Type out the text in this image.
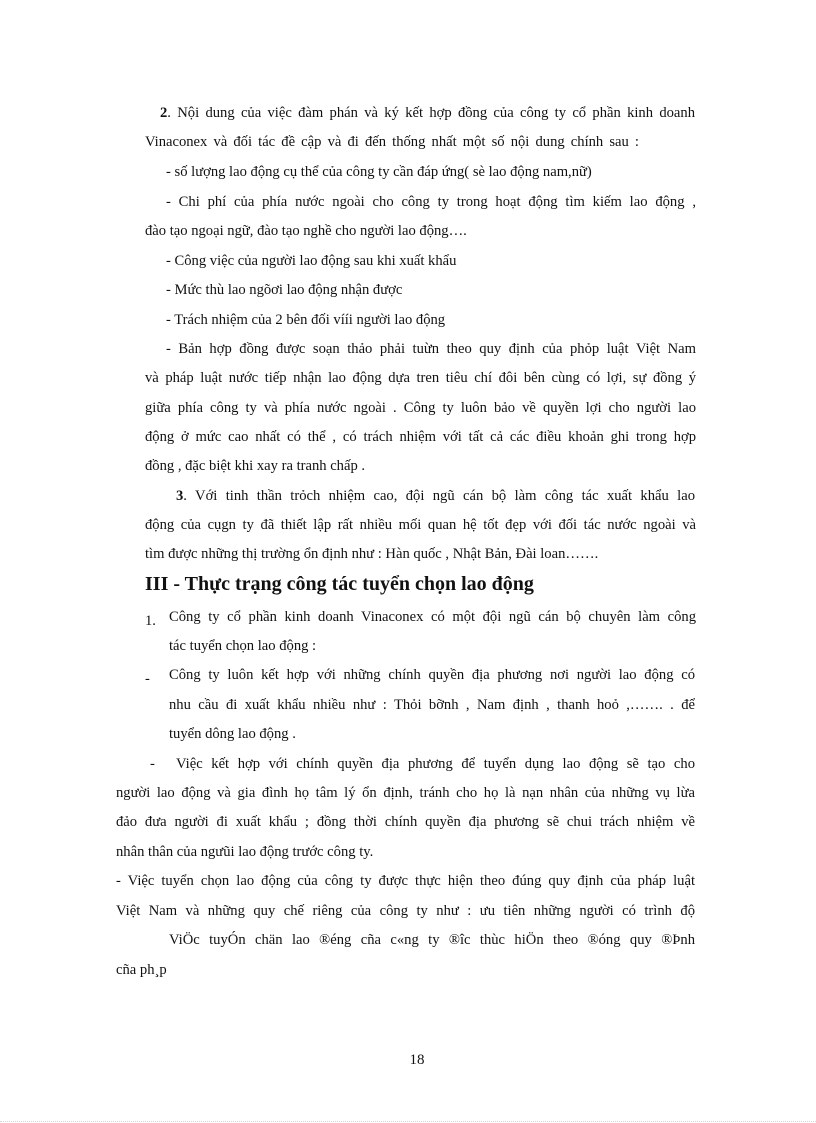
2. Nội dung của việc đàm phán và ký kết hợp đồng của công ty cổ phần kinh doanh
Vinaconex và đối tác đề cập và đi đến thống nhất một số nội dung chính sau :
- số lượng lao động cụ thể của công ty cần đáp ứng( sè lao động nam,nữ)
- Chi phí của phía nước ngoài cho công ty trong hoạt động tìm kiếm lao động ,
đào tạo ngoại ngữ, đào tạo nghề cho người lao động….
- Công việc của người lao động sau khi xuất khẩu
- Mức thù lao ngõơi lao động nhận được
- Trách nhiệm của 2 bên đối vííi người lao động
- Bản hợp đồng được soạn thảo phải tuừn theo quy định của phỏp luật Việt Nam
và pháp luật nước tiếp nhận lao động dựa tren tiêu chí đôi bên cùng có lợi, sự đồng ý
giữa phía công ty và phía nước ngoài . Công ty luôn bảo về quyền lợi cho người lao
động ở mức cao nhất có thể , có trách nhiệm với tất cả các điều khoản ghi trong hợp
đồng , đặc biệt khi xay ra tranh chấp .
3. Với tinh thần trỏch nhiệm cao, đội ngũ cán bộ làm công tác xuất khẩu lao
động của cụgn ty đã thiết lập rất nhiều mối quan hệ tốt đẹp với đối tác nước ngoài và
tìm được những thị trường ổn định như : Hàn quốc , Nhật Bản, Đài loan…….
III - Thực trạng công tác tuyển chọn lao động
1. Công ty cổ phần kinh doanh Vinaconex có một đội ngũ cán bộ chuyên làm công
tác tuyển chọn lao động :
- Công ty luôn kết hợp với những chính quyền địa phương nơi người lao động có
nhu cầu đi xuất khẩu nhiều như : Thỏi bỡnh , Nam định , thanh hoỏ ,……. . để
tuyển dông lao động .
- Việc kết hợp với chính quyền địa phương để tuyển dụng lao động sẽ tạo cho
người lao động và gia đình họ tâm lý ổn định, tránh cho họ là nạn nhân của những vụ lừa
đảo đưa người đi xuất khẩu ; đồng thời chính quyền địa phương sẽ chui trách nhiệm về
nhân thân của ngưũi lao động trước công ty.
- Việc tuyển chọn lao động của công ty được thực hiện theo đúng quy định của pháp luật
Việt Nam và những quy chế riêng của công ty như : ưu tiên những người có trình độ
ViÖc tuyÓn chän lao ®éng cña c«ng ty ®îc thùc hiÖn theo ®óng quy ®Þnh
cña ph¸p
18
